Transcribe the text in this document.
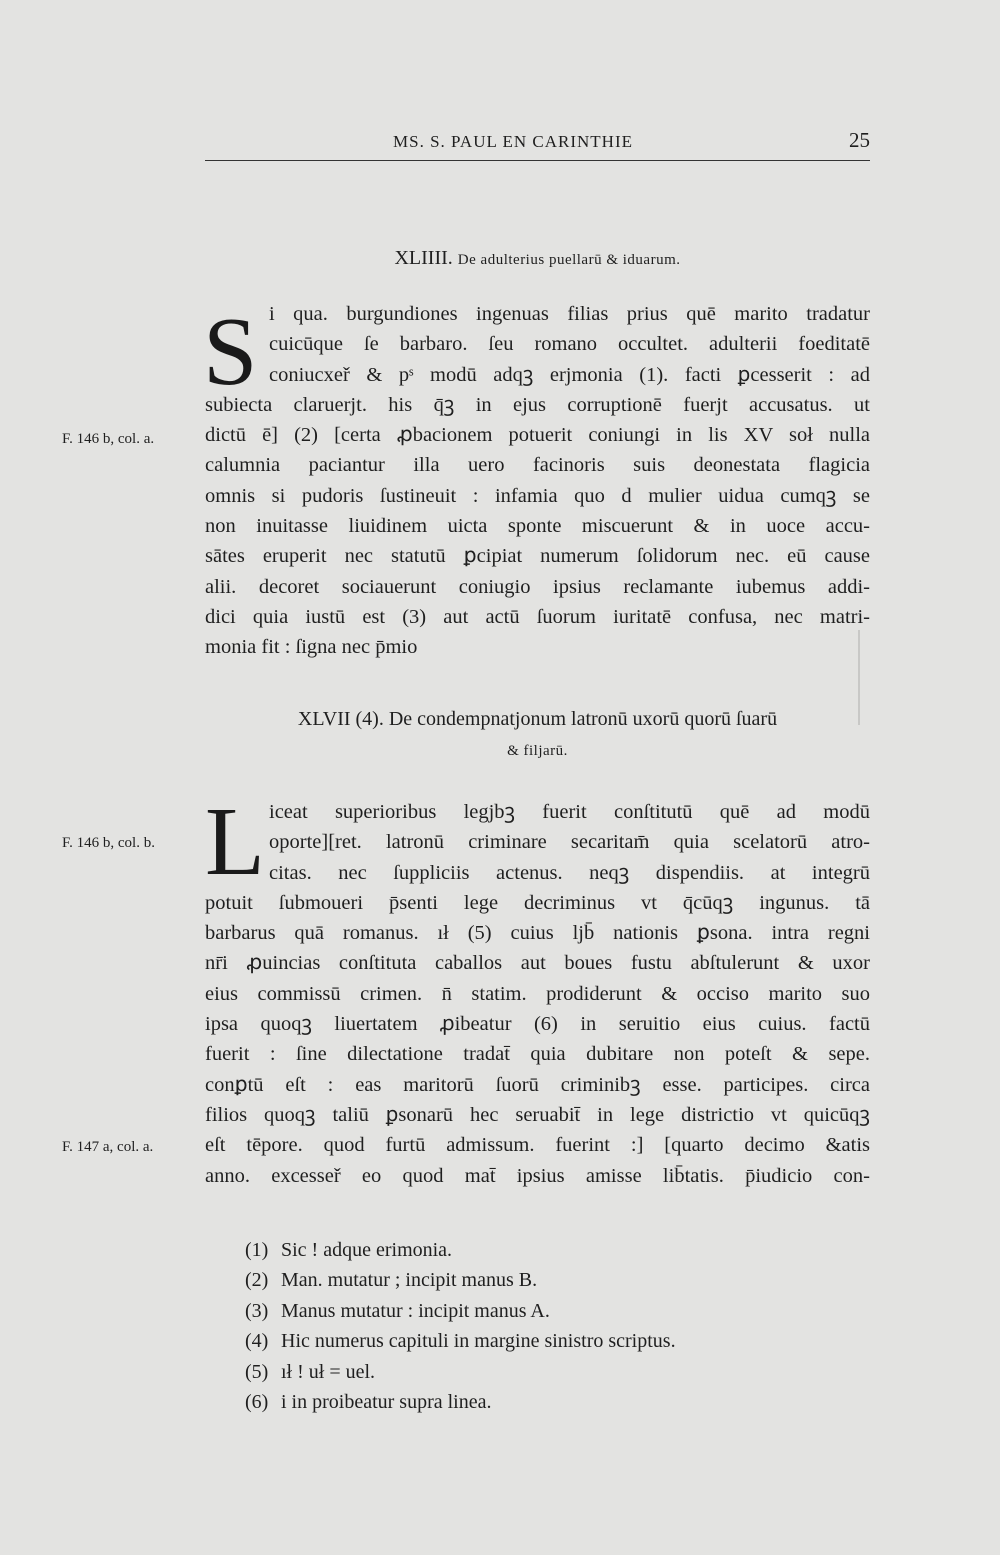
MS. S. PAUL EN CARINTHIE	25
XLIIII. De adulterius puellarū & iduarum.
S i qua. burgundiones ingenuas filias prius quē marito tradatur
cuicūque ſe barbaro. ſeu romano occultet. adulterii foeditatē
coniucxeř & pˢ modū adqꝫ erjmonia (1). facti ꝑcesserit : ad
subiecta claruerjt. his q̄ꝫ in ejus corruptionē fuerjt accusatus. ut
dictū ē] (2) [certa ꝓbacionem potuerit coniungi in lis XV soł nulla
calumnia paciantur illa uero facinoris suis deonestata flagicia
omnis si pudoris ſustineuit : infamia quo d mulier uidua cumqꝫ se
non inuitasse liuidinem uicta sponte miscuerunt & in uoce accu-
sātes eruperit nec statutū ꝑcipiat numerum ſolidorum nec. eū cause
alii. decoret sociauerunt coniugio ipsius reclamante iubemus addi-
dici quia iustū est (3) aut actū ſuorum iuritatē confusa, nec matri-
monia fit : ſigna nec p̄mio
XLVII (4). De condempnatjonum latronū uxorū quorū ſuarū
& filjarū.
L iceat superioribus legjbꝫ fuerit conſtitutū quē ad modū
oporte][ret. latronū criminare secaritam̄ quia scelatorū atro-
citas. nec ſuppliciis actenus. neqꝫ dispendiis. at integrū
potuit ſubmoueri p̄senti lege decriminus vt q̄cūqꝫ ingunus. tā
barbarus quā romanus. ıł (5) cuius ljb̄ nationis ꝑsona. intra regni
nr̄i ꝓuincias conſtituta caballos aut boues fustu abſtulerunt & uxor
eius commissū crimen. n̄ statim. prodiderunt & occiso marito suo
ipsa quoqꝫ liuertatem ꝓibeatur (6) in seruitio eius cuius. factū
fuerit : ſine dilectatione tradat̄ quia dubitare non poteſt & sepe.
conꝑtū eſt : eas maritorū ſuorū criminibꝫ esse. participes. circa
filios quoqꝫ taliū ꝑsonarū hec seruabit̄ in lege districtio vt quicūqꝫ
eſt tēpore. quod furtū admissum. fuerint :] [quarto decimo &atis
anno. excesseř eo quod mat̄ ipsius amisse lib̄tatis. p̄iudicio con-
F. 146 b, col. a.
F. 146 b, col. b.
F. 147 a, col. a.
(1) Sic ! adque erimonia.
(2) Man. mutatur ; incipit manus B.
(3) Manus mutatur : incipit manus A.
(4) Hic numerus capituli in margine sinistro scriptus.
(5) ıł ! uł = uel.
(6) i in proibeatur supra linea.
